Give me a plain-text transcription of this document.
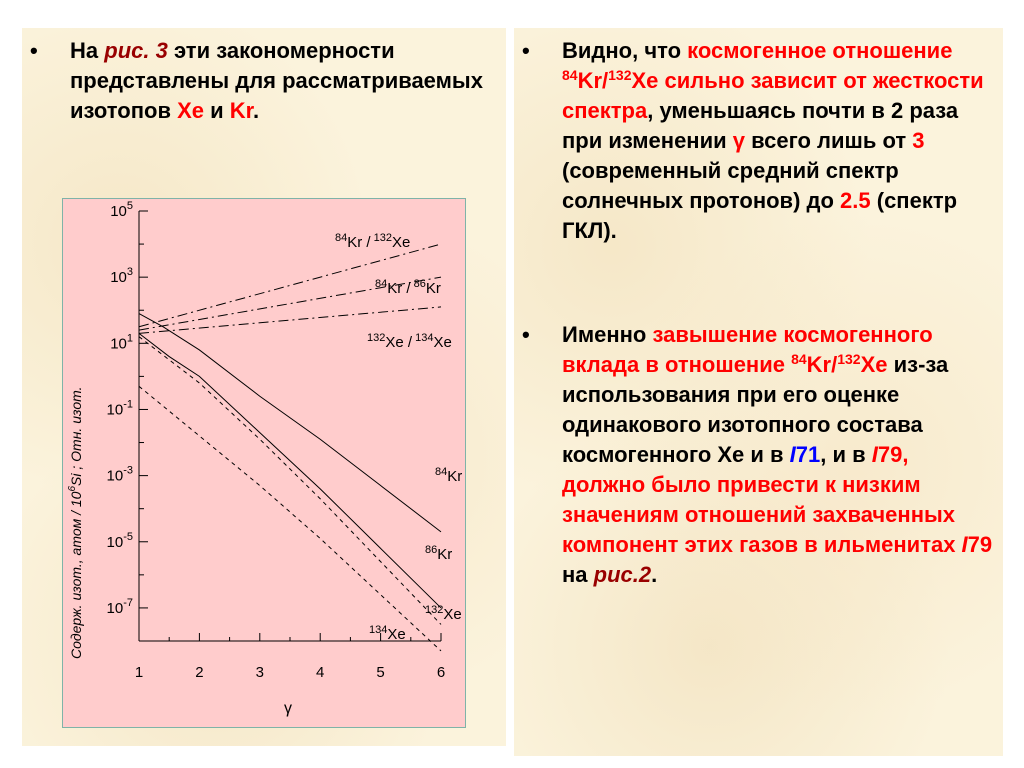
•	На рис. 3 эти закономерности представлены для рассматриваемых изотопов Xe и Kr.
$10^5$
$10^3$
$10^1$
$10^{-1}$
$10^{-3}$
$10^{-5}$
$10^{-7}$
1	2	3	4	5	6
$^{84}$Kr
$^{86}$Kr
$^{132}$Xe
$^{134}$Xe
$^{84}$Kr / $^{132}$Xe
$^{84}$Kr / $^{86}$Kr
$^{132}$Xe / $^{134}$Xe
Содерж. изот., атом / $10^6Si$ ; Отн. изот.
γ
•	Видно, что космогенное отношение $^{84}$Kr/$^{132}$Xe сильно зависит от жесткости спектра, уменьшаясь почти в 2 раза при изменении γ всего лишь от 3 (современный средний спектр солнечных протонов) до 2.5 (спектр ГКЛ).
•	Именно завышение космогенного вклада в отношение $^{84}$Kr/$^{132}$Xe из-за использования при его оценке одинакового изотопного состава космогенного Xe и в I71, и в I79, должно было привести к низким значениям отношений захваченных компонент этих газов в ильменитах I79 на рис.2.
